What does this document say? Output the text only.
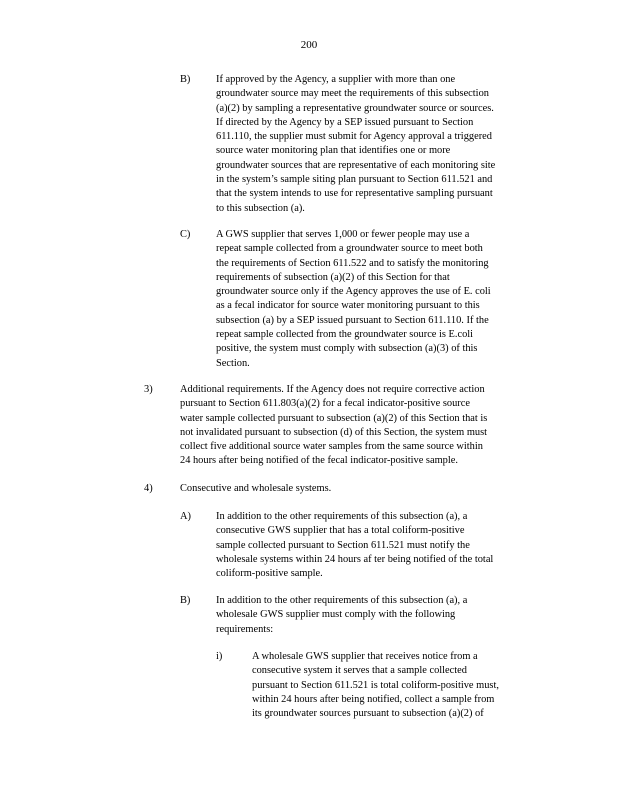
200
B) If approved by the Agency, a supplier with more than one
groundwater source may meet the requirements of this subsection
(a)(2) by sampling a representative groundwater source or sources.
If directed by the Agency by a SEP issued pursuant to Section
611.110, the supplier must submit for Agency approval a triggered
source water monitoring plan that identifies one or more
groundwater sources that are representative of each monitoring site
in the system’s sample siting plan pursuant to Section 611.521 and
that the system intends to use for representative sampling pursuant
to this subsection (a).
C) A GWS supplier that serves 1,000 or fewer people may use a
repeat sample collected from a groundwater source to meet both
the requirements of Section 611.522 and to satisfy the monitoring
requirements of subsection (a)(2) of this Section for that
groundwater source only if the Agency approves the use of E. coli
as a fecal indicator for source water monitoring pursuant to this
subsection (a) by a SEP issued pursuant to Section 611.110. If the
repeat sample collected from the groundwater source is E.coli
positive, the system must comply with subsection (a)(3) of this
Section.
3)	Additional requirements. If the Agency does not require corrective action
pursuant to Section 611.803(a)(2) for a fecal indicator-positive source
water sample collected pursuant to subsection (a)(2) of this Section that is
not invalidated pursuant to subsection (d) of this Section, the system must
collect five additional source water samples from the same source within
24 hours after being notified of the fecal indicator-positive sample.
4)	Consecutive and wholesale systems.
A) In addition to the other requirements of this subsection (a), a
consecutive GWS supplier that has a total coliform-positive
sample collected pursuant to Section 611.521 must notify the
wholesale systems within 24 hours af ter being notified of the total
coliform-positive sample.
B) In addition to the other requirements of this subsection (a), a
wholesale GWS supplier must comply with the following
requirements:
i)	A wholesale GWS supplier that receives notice from a
consecutive system it serves that a sample collected
pursuant to Section 611.521 is total coliform-positive must,
within 24 hours after being notified, collect a sample from
its groundwater sources pursuant to subsection (a)(2) of
